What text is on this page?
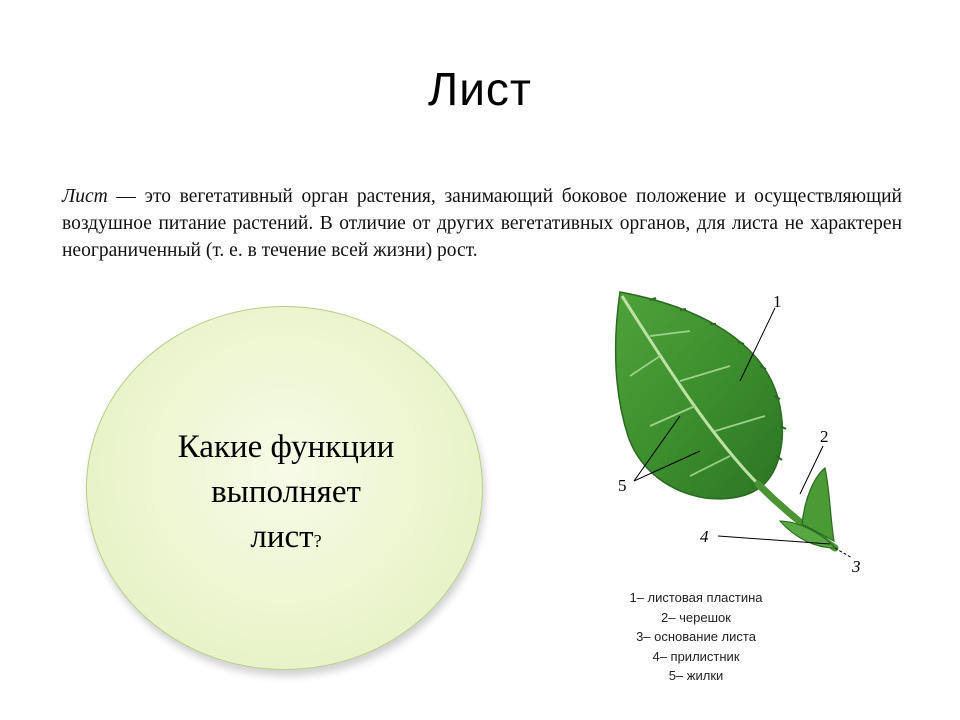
Лист
Лист — это вегетативный орган растения, занимающий боковое положение и осуществляющий воздушное питание растений. В отличие от других вегетативных органов, для листа не характерен неограниченный (т. е. в течение всей жизни) рост.
Какие функции
выполняет
лист?
1
2
3
4
5
1– листовая пластина
2– черешок
3– основание листа
4– прилистник
5– жилки
